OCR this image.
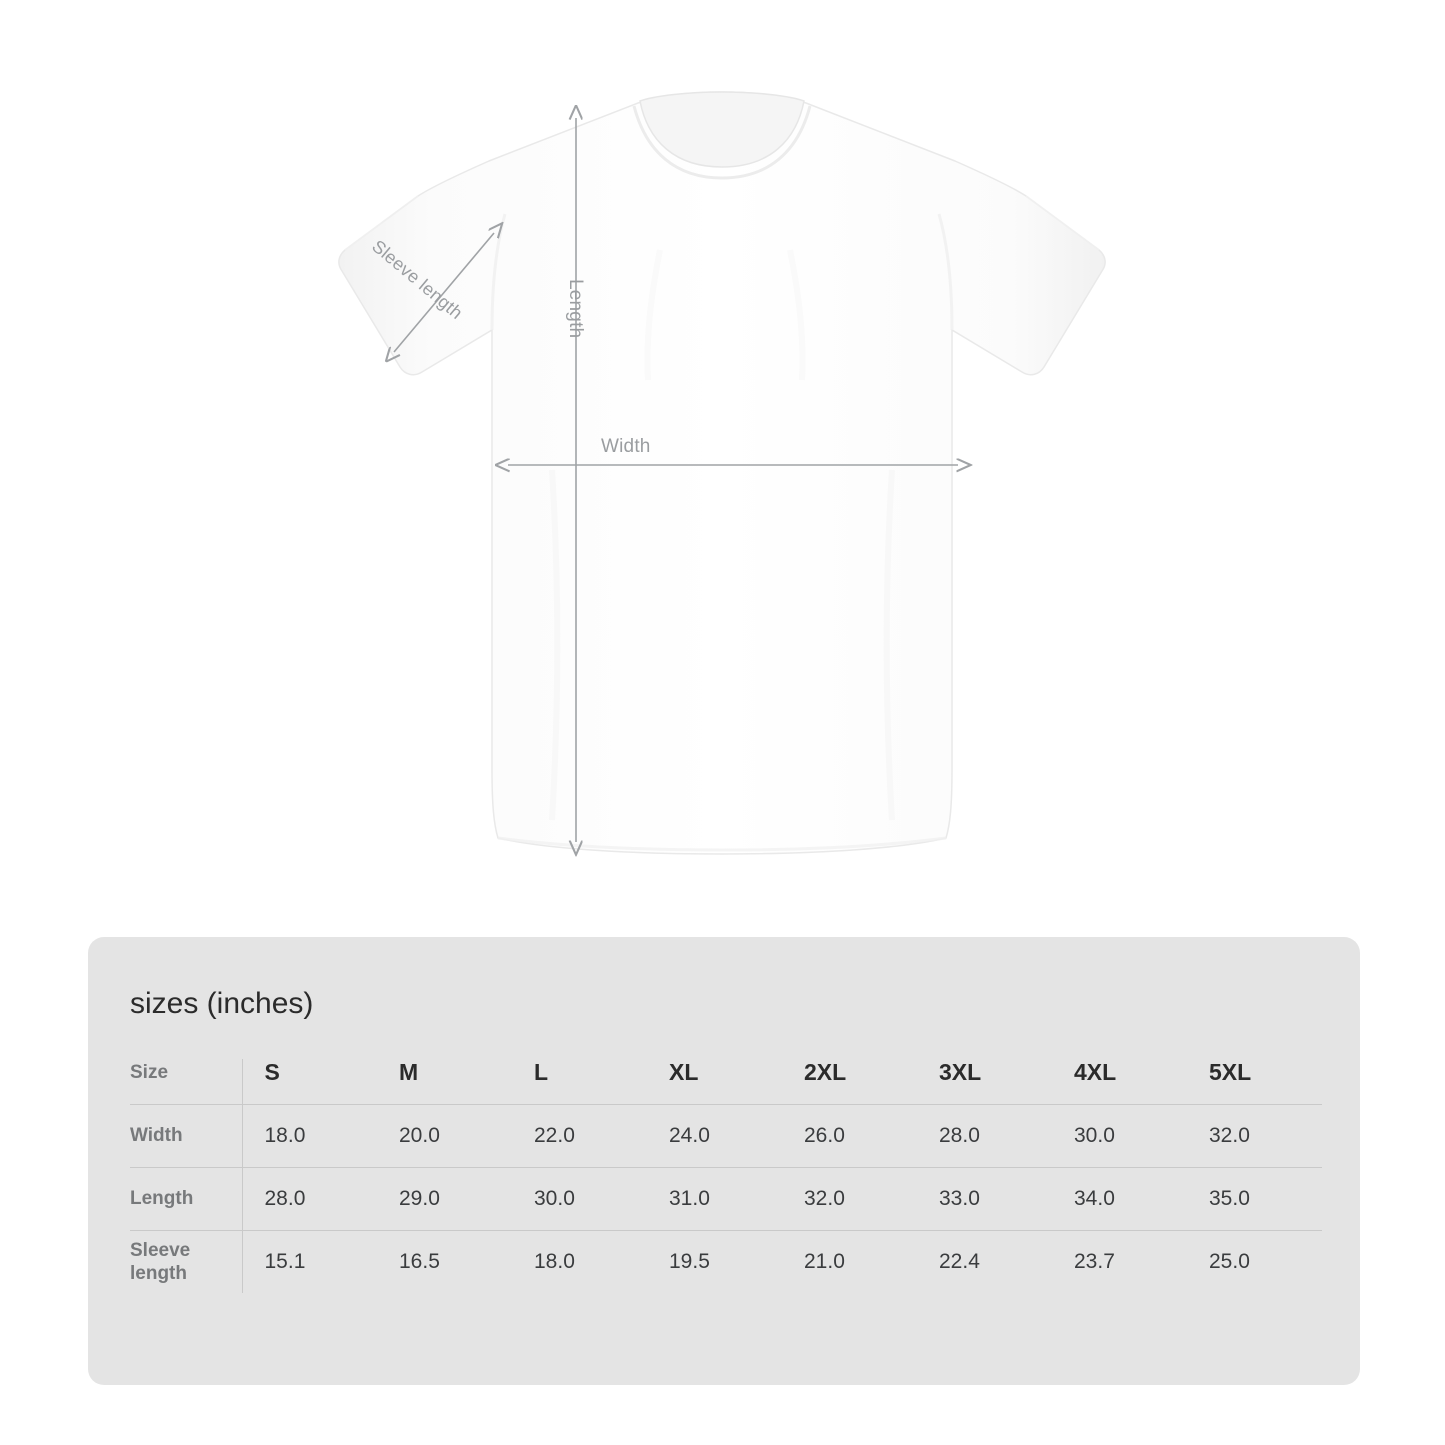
Length
Width
Sleeve length
sizes (inches)
Size	S	M	L	XL	2XL	3XL	4XL	5XL
Width	18.0	20.0	22.0	24.0	26.0	28.0	30.0	32.0
Length	28.0	29.0	30.0	31.0	32.0	33.0	34.0	35.0
Sleeve length	15.1	16.5	18.0	19.5	21.0	22.4	23.7	25.0
